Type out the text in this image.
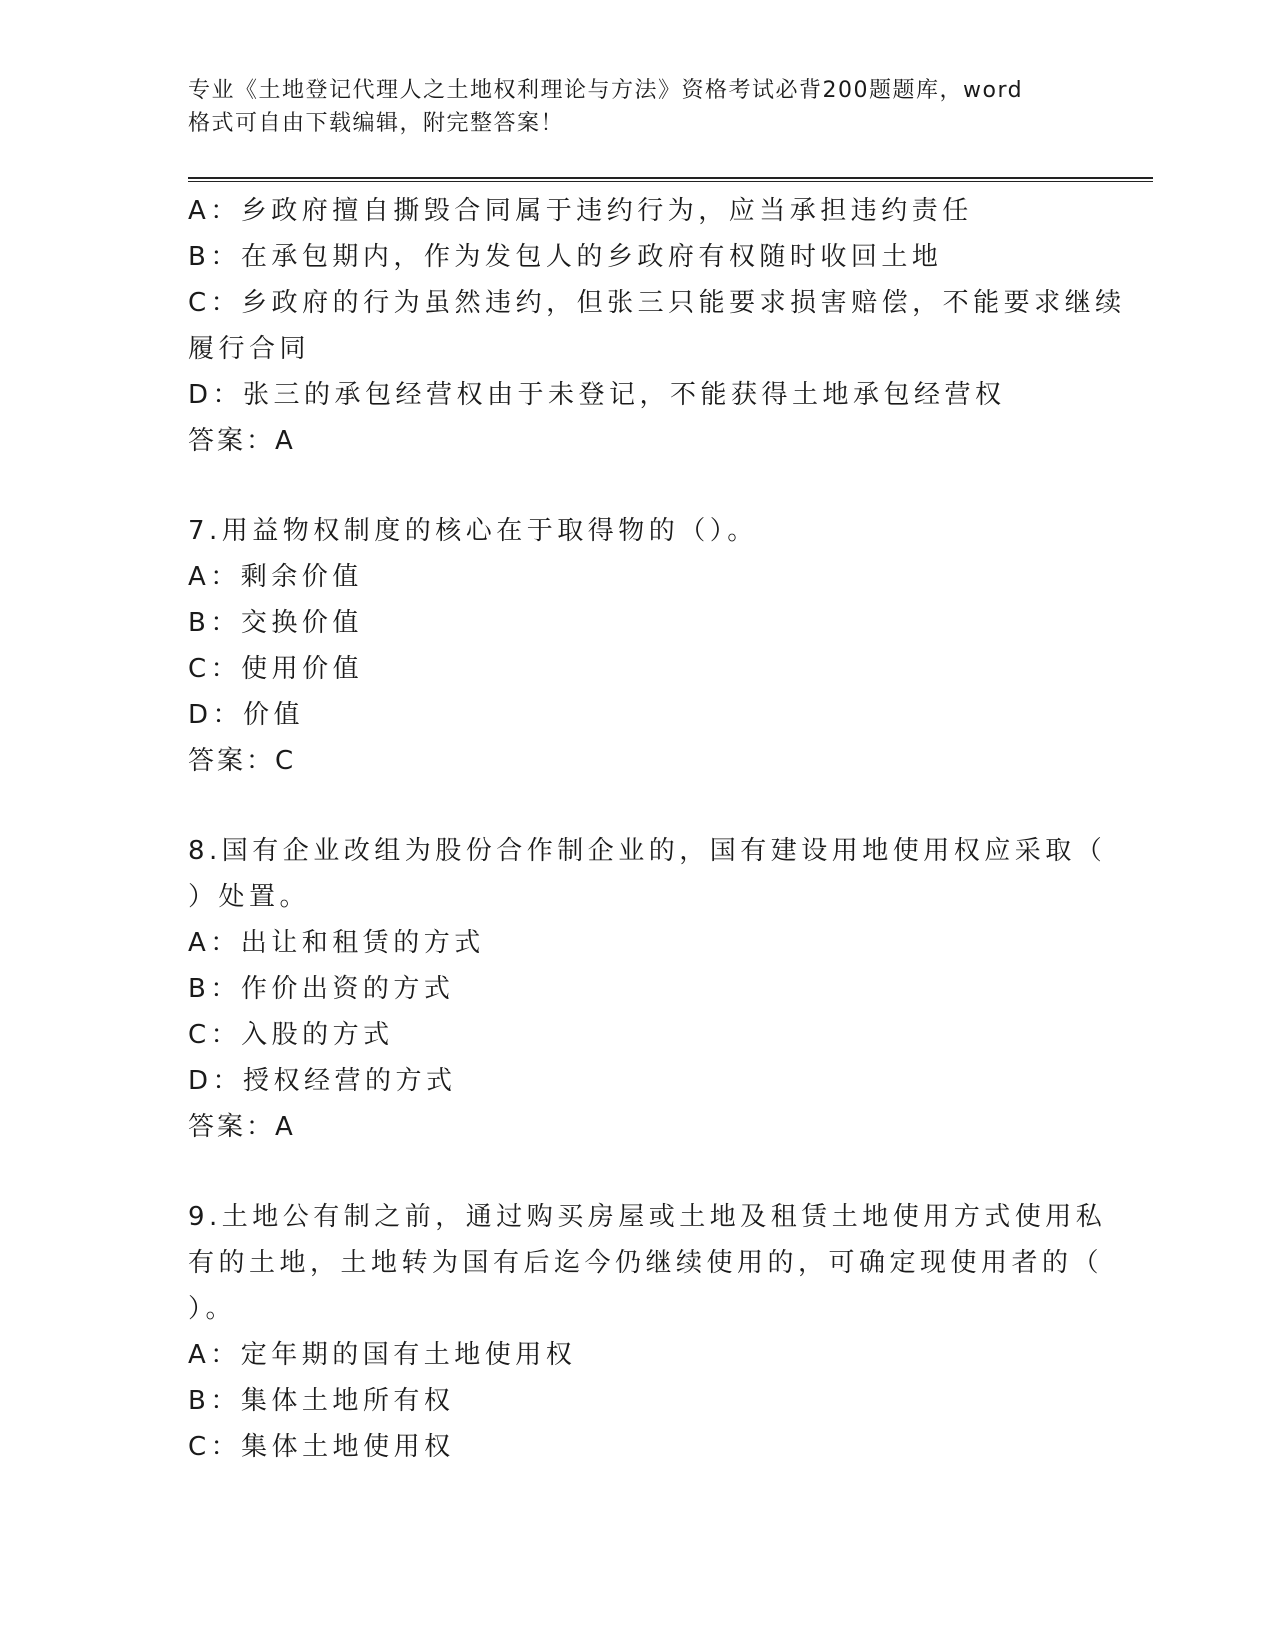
专业《土地登记代理人之土地权利理论与方法》资格考试必背200题题库，word
格式可自由下载编辑，附完整答案！
A：乡政府擅自撕毁合同属于违约行为，应当承担违约责任
B：在承包期内，作为发包人的乡政府有权随时收回土地
C：乡政府的行为虽然违约，但张三只能要求损害赔偿，不能要求继续
履行合同
D：张三的承包经营权由于未登记，不能获得土地承包经营权
答案：A
7.用益物权制度的核心在于取得物的（）。
A：剩余价值
B：交换价值
C：使用价值
D：价值
答案：C
8.国有企业改组为股份合作制企业的，国有建设用地使用权应采取（
）处置。
A：出让和租赁的方式
B：作价出资的方式
C：入股的方式
D：授权经营的方式
答案：A
9.土地公有制之前，通过购买房屋或土地及租赁土地使用方式使用私
有的土地，土地转为国有后迄今仍继续使用的，可确定现使用者的（
）。
A：定年期的国有土地使用权
B：集体土地所有权
C：集体土地使用权
